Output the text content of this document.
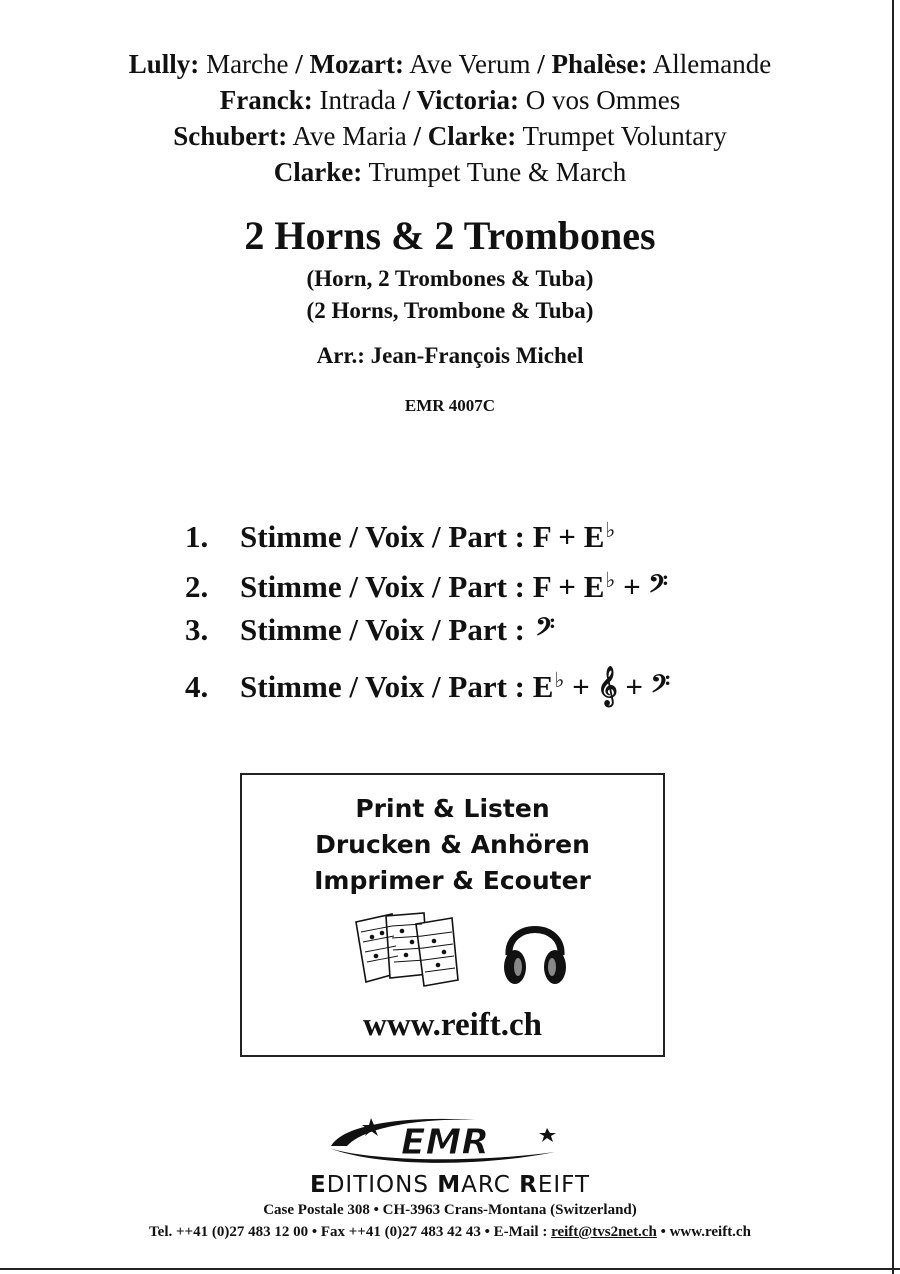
Lully: Marche / Mozart: Ave Verum / Phalèse: Allemande
Franck: Intrada / Victoria: O vos Ommes
Schubert: Ave Maria / Clarke: Trumpet Voluntary
Clarke: Trumpet Tune & March
2 Horns & 2 Trombones
(Horn, 2 Trombones & Tuba)
(2 Horns, Trombone & Tuba)
Arr.: Jean-François Michel
EMR 4007C
1. Stimme / Voix / Part : F + E♭
2. Stimme / Voix / Part : F + E♭ + 𝄢
3. Stimme / Voix / Part : 𝄢
4. Stimme / Voix / Part : E♭ + 𝄞 + 𝄢
Print & Listen
Drucken & Anhören
Imprimer & Ecouter
www.reift.ch
EMR
EDITIONS MARC REIFT
Case Postale 308 • CH-3963 Crans-Montana (Switzerland)
Tel. ++41 (0)27 483 12 00 • Fax ++41 (0)27 483 42 43 • E-Mail : reift@tvs2net.ch • www.reift.ch
